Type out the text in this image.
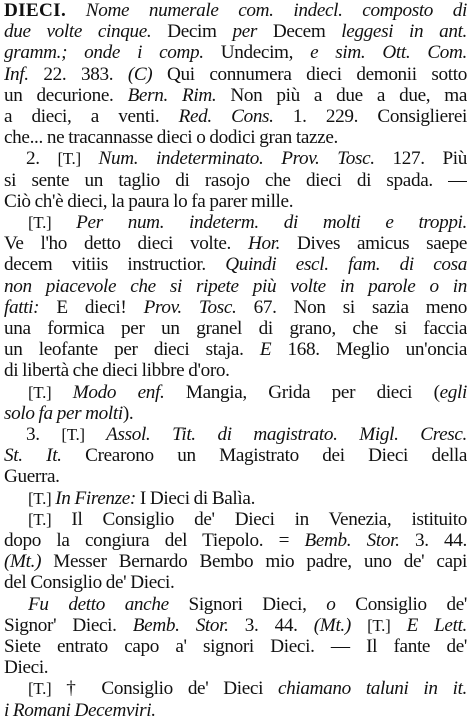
DIECI. Nome numerale com. indecl. composto di
due volte cinque. Decim per Decem leggesi in ant.
gramm.; onde i comp. Undecim, e sim. Ott. Com.
Inf. 22. 383. (C) Qui connumera dieci demonii sotto
un decurione. Bern. Rim. Non più a due a due, ma
a dieci, a venti. Red. Cons. 1. 229. Consiglierei
che... ne tracannasse dieci o dodici gran tazze.
2. [T.] Num. indeterminato. Prov. Tosc. 127. Più
si sente un taglio di rasojo che dieci di spada. —
Ciò ch'è dieci, la paura lo fa parer mille.
[T.] Per num. indeterm. di molti e troppi.
Ve l'ho detto dieci volte. Hor. Dives amicus saepe
decem vitiis instructior. Quindi escl. fam. di cosa
non piacevole che si ripete più volte in parole o in
fatti: E dieci! Prov. Tosc. 67. Non si sazia meno
una formica per un granel di grano, che si faccia
un leofante per dieci staja. E 168. Meglio un'oncia
di libertà che dieci libbre d'oro.
[T.] Modo enf. Mangia, Grida per dieci (egli
solo fa per molti).
3. [T.] Assol. Tit. di magistrato. Migl. Cresc.
St. It. Crearono un Magistrato dei Dieci della
Guerra.
[T.] In Firenze: I Dieci di Balìa.
[T.] Il Consiglio de' Dieci in Venezia, istituito
dopo la congiura del Tiepolo. = Bemb. Stor. 3. 44.
(Mt.) Messer Bernardo Bembo mio padre, uno de' capi
del Consiglio de' Dieci.
Fu detto anche Signori Dieci, o Consiglio de'
Signor' Dieci. Bemb. Stor. 3. 44. (Mt.) [T.] E Lett.
Siete entrato capo a' signori Dieci. — Il fante de'
Dieci.
[T.] † Consiglio de' Dieci chiamano taluni in it.
i Romani Decemviri.
